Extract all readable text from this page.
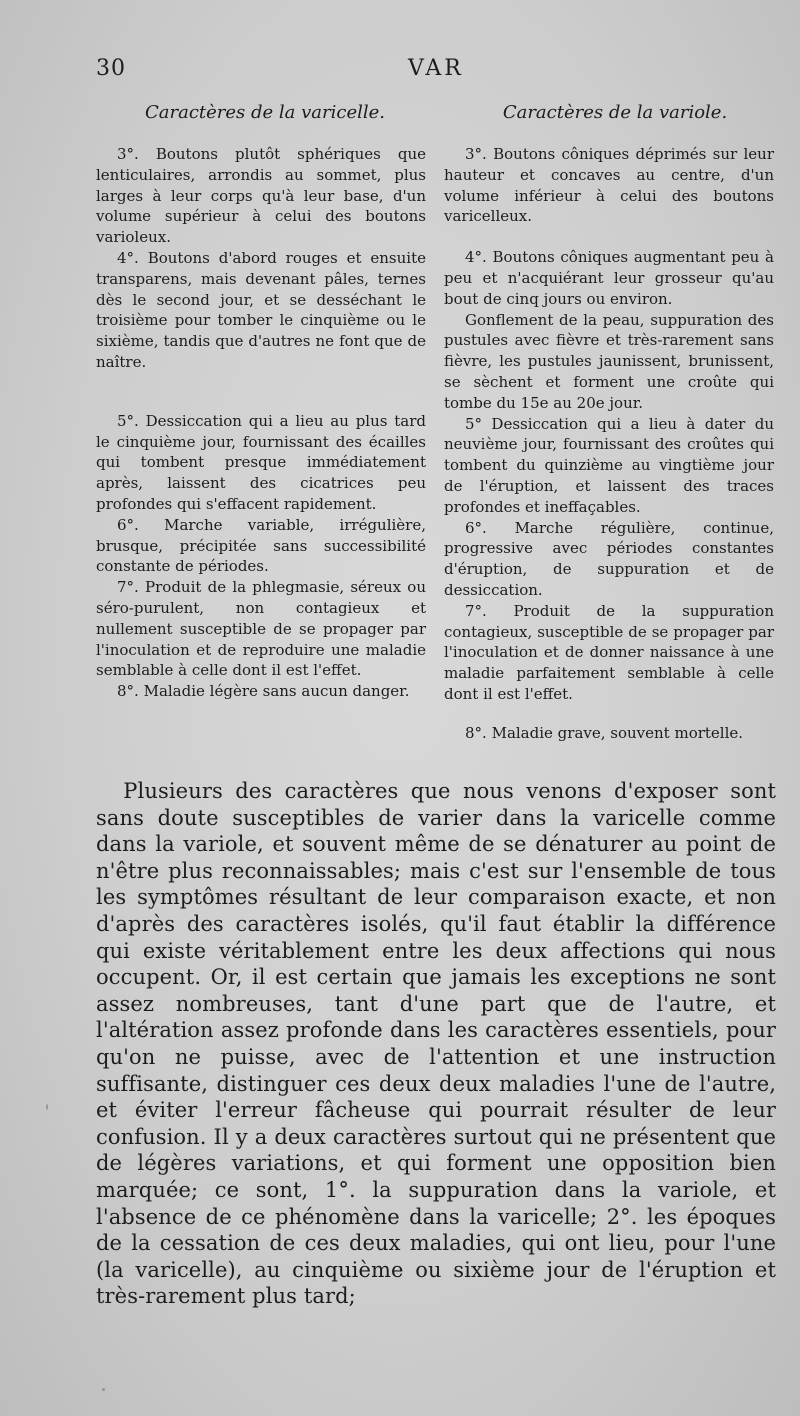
30	VAR
Caractères de la varicelle.	Caractères de la variole.

3°. Boutons plutôt sphériques que lenticulaires, arrondis au sommet, plus larges à leur corps qu'à leur base, d'un volume supérieur à celui des boutons varioleux.

4°. Boutons d'abord rouges et ensuite transparens, mais devenant pâles, ternes dès le second jour, et se desséchant le troisième pour tomber le cinquième ou le sixième, tandis que d'autres ne font que de naître.

5°. Dessiccation qui a lieu au plus tard le cinquième jour, fournissant des écailles qui tombent presque immédiatement après, laissent des cicatrices peu profondes qui s'effacent rapidement.

6°. Marche variable, irrégulière, brusque, précipitée sans successibilité constante de périodes.

7°. Produit de la phlegmasie, séreux ou séro-purulent, non contagieux et nullement susceptible de se propager par l'inoculation et de reproduire une maladie semblable à celle dont il est l'effet.

8°. Maladie légère sans aucun danger.

3°. Boutons côniques déprimés sur leur hauteur et concaves au centre, d'un volume inférieur à celui des boutons varicelleux.

4°. Boutons côniques augmentant peu à peu et n'acquiérant leur grosseur qu'au bout de cinq jours ou environ.

Gonflement de la peau, suppuration des pustules avec fièvre et très-rarement sans fièvre, les pustules jaunissent, brunissent, se sèchent et forment une croûte qui tombe du 15e au 20e jour.

5° Dessiccation qui a lieu à dater du neuvième jour, fournissant des croûtes qui tombent du quinzième au vingtième jour de l'éruption, et laissent des traces profondes et ineffaçables.

6°. Marche régulière, continue, progressive avec périodes constantes d'éruption, de suppuration et de dessiccation.

7°. Produit de la suppuration contagieux, susceptible de se propager par l'inoculation et de donner naissance à une maladie parfaitement semblable à celle dont il est l'effet.

8°. Maladie grave, souvent mortelle.

Plusieurs des caractères que nous venons d'exposer sont sans doute susceptibles de varier dans la varicelle comme dans la variole, et souvent même de se dénaturer au point de n'être plus reconnaissables; mais c'est sur l'ensemble de tous les symptômes résultant de leur comparaison exacte, et non d'après des caractères isolés, qu'il faut établir la différence qui existe véritablement entre les deux affections qui nous occupent. Or, il est certain que jamais les exceptions ne sont assez nombreuses, tant d'une part que de l'autre, et l'altération assez profonde dans les caractères essentiels, pour qu'on ne puisse, avec de l'attention et une instruction suffisante, distinguer ces deux deux maladies l'une de l'autre, et éviter l'erreur fâcheuse qui pourrait résulter de leur confusion. Il y a deux caractères surtout qui ne présentent que de légères variations, et qui forment une opposition bien marquée; ce sont, 1°. la suppuration dans la variole, et l'absence de ce phénomène dans la varicelle; 2°. les époques de la cessation de ces deux maladies, qui ont lieu, pour l'une (la varicelle), au cinquième ou sixième jour de l'éruption et très-rarement plus tard;
